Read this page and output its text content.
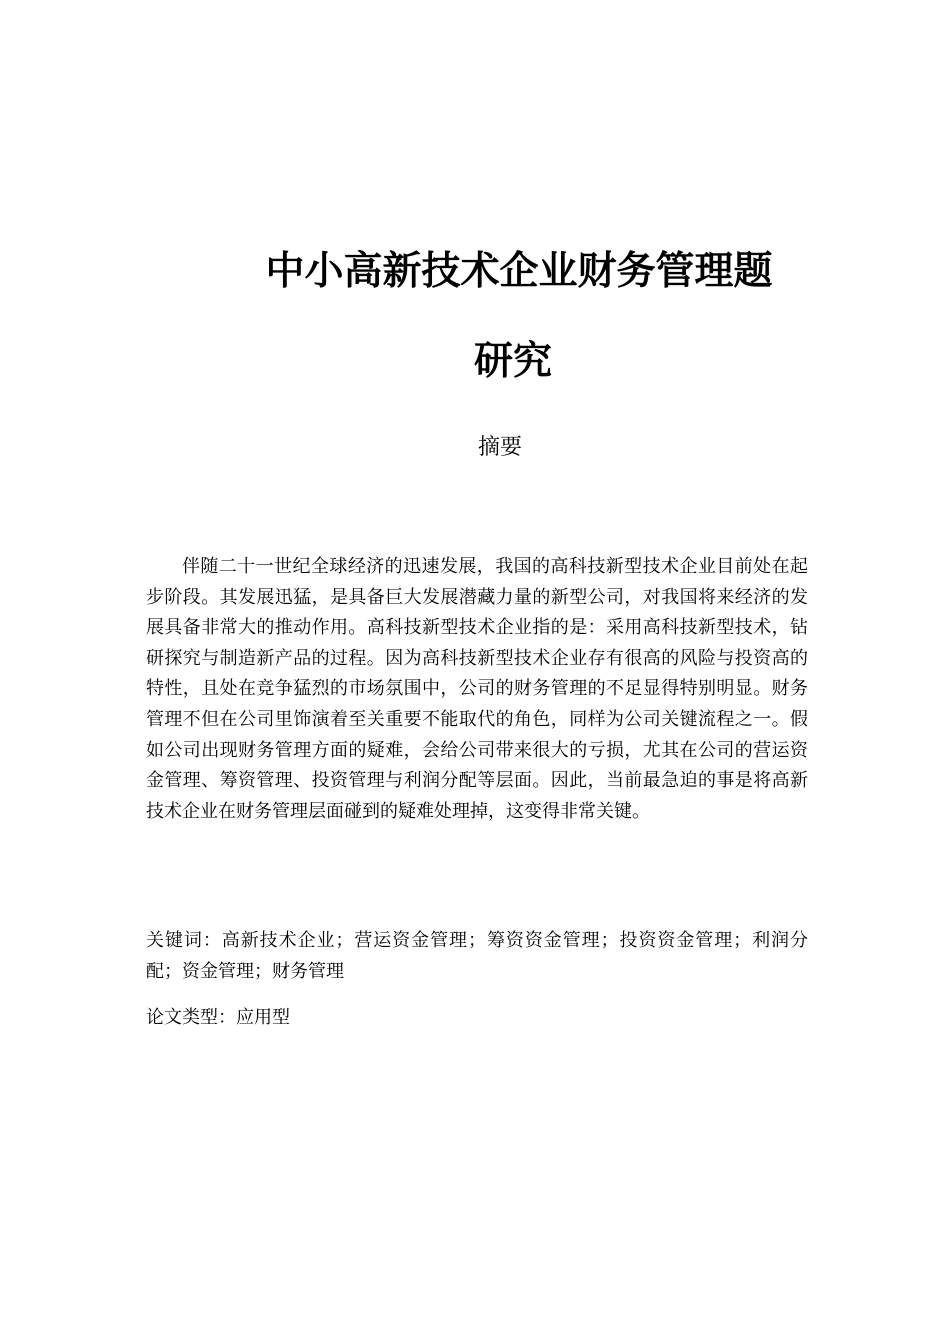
中小高新技术企业财务管理题
研究
摘要

伴随二十一世纪全球经济的迅速发展，我国的高科技新型技术企业目前处在起步阶段。其发展迅猛，是具备巨大发展潜藏力量的新型公司，对我国将来经济的发展具备非常大的推动作用。高科技新型技术企业指的是：采用高科技新型技术，钻研探究与制造新产品的过程。因为高科技新型技术企业存有很高的风险与投资高的特性，且处在竞争猛烈的市场氛围中，公司的财务管理的不足显得特别明显。财务管理不但在公司里饰演着至关重要不能取代的角色，同样为公司关键流程之一。假如公司出现财务管理方面的疑难，会给公司带来很大的亏损，尤其在公司的营运资金管理、筹资管理、投资管理与利润分配等层面。因此，当前最急迫的事是将高新技术企业在财务管理层面碰到的疑难处理掉，这变得非常关键。

关键词：高新技术企业；营运资金管理；筹资资金管理；投资资金管理；利润分配；资金管理；财务管理

论文类型：应用型
